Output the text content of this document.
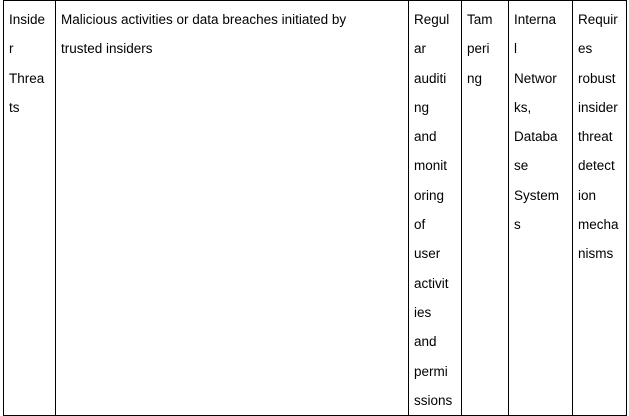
Inside
r
Threa
ts

Malicious activities or data breaches initiated by
trusted insiders

Regul
ar
auditi
ng
and
monit
oring
of
user
activit
ies
and
permi
ssions

Tam
peri
ng

Interna
l
Networ
ks,
Databa
se
System
s

Requir
es
robust
insider
threat
detect
ion
mecha
nisms
